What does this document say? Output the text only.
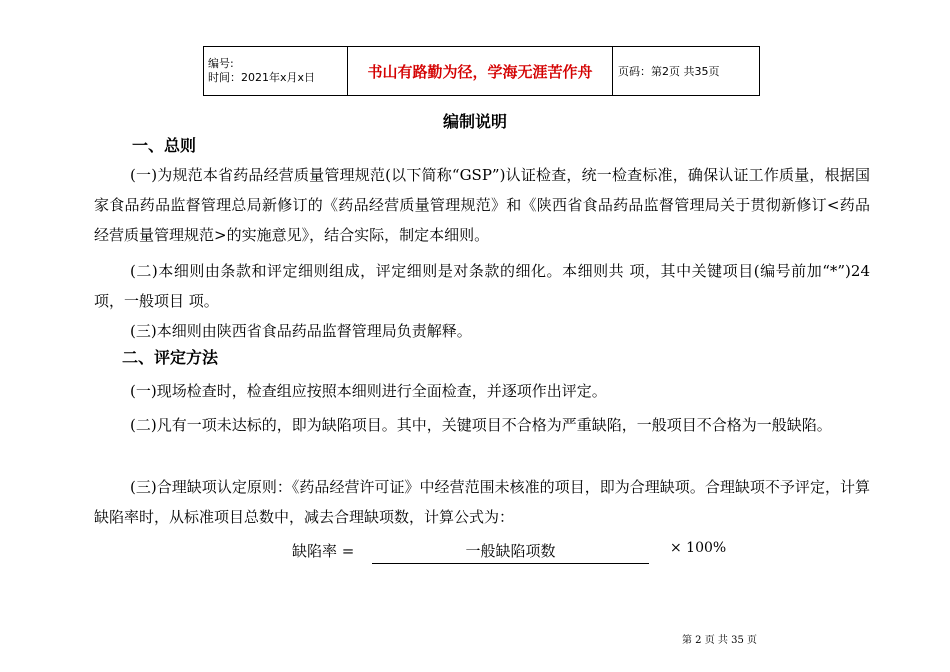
编号:
时间：2021年x月x日	书山有路勤为径，学海无涯苦作舟	页码：第2页 共35页
编制说明
一、总则
(一)为规范本省药品经营质量管理规范(以下简称“GSP”)认证检查，统一检查标准，确保认证工作质量，根据国家食品药品监督管理总局新修订的《药品经营质量管理规范》和《陕西省食品药品监督管理局关于贯彻新修订<药品经营质量管理规范>的实施意见》，结合实际，制定本细则。
(二)本细则由条款和评定细则组成，评定细则是对条款的细化。本细则共 项，其中关键项目(编号前加“*”)24项，一般项目 项。
(三)本细则由陕西省食品药品监督管理局负责解释。
二、评定方法
(一)现场检查时，检查组应按照本细则进行全面检查，并逐项作出评定。
(二)凡有一项未达标的，即为缺陷项目。其中，关键项目不合格为严重缺陷，一般项目不合格为一般缺陷。
(三)合理缺项认定原则：《药品经营许可证》中经营范围未核准的项目，即为合理缺项。合理缺项不予评定，计算缺陷率时，从标准项目总数中，减去合理缺项数，计算公式为：
缺陷率 =	一般缺陷项数	× 100%
第 2 页 共 35 页
